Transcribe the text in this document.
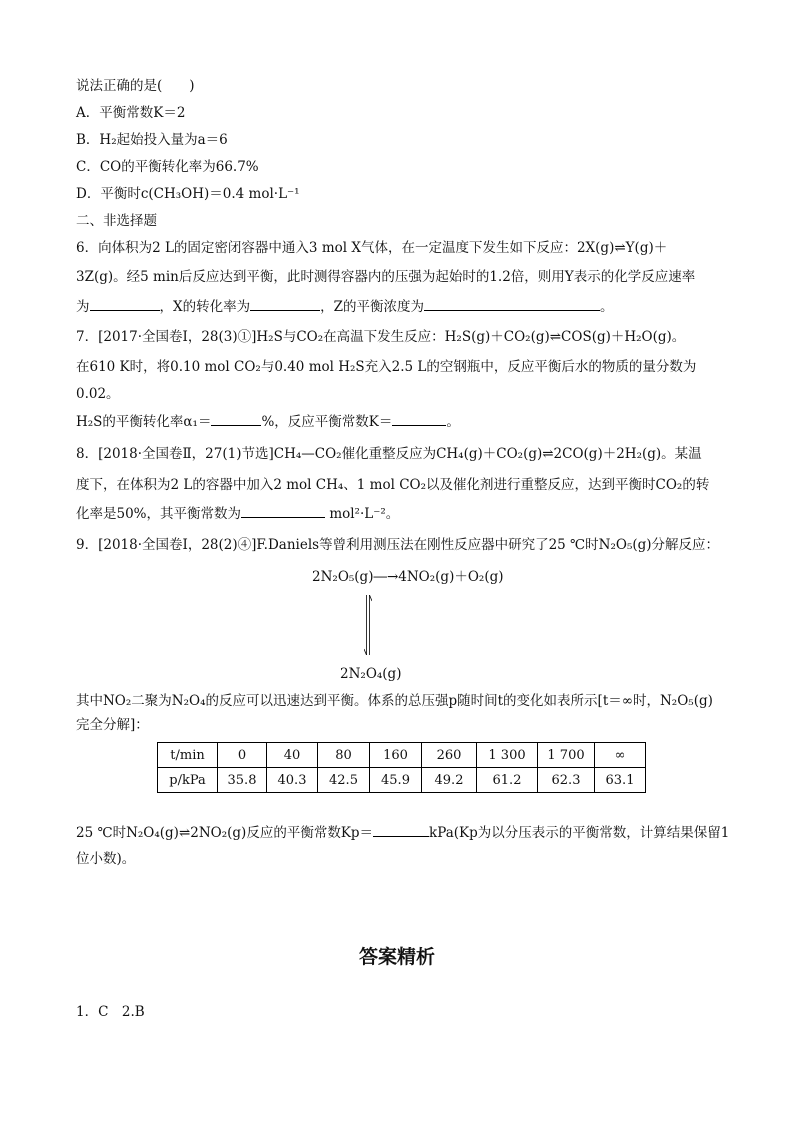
说法正确的是(　　)
A．平衡常数K＝2
B．H₂起始投入量为a＝6
C．CO的平衡转化率为66.7%
D．平衡时c(CH₃OH)＝0.4 mol·L⁻¹
二、非选择题
6．向体积为2 L的固定密闭容器中通入3 mol X气体，在一定温度下发生如下反应：2X(g)⇌Y(g)＋
3Z(g)。经5 min后反应达到平衡，此时测得容器内的压强为起始时的1.2倍，则用Y表示的化学反应速率
为	，X的转化率为	，Z的平衡浓度为	。
7．[2017·全国卷Ⅰ，28(3)①]H₂S与CO₂在高温下发生反应：H₂S(g)＋CO₂(g)⇌COS(g)＋H₂O(g)。
在610 K时，将0.10 mol CO₂与0.40 mol H₂S充入2.5 L的空钢瓶中，反应平衡后水的物质的量分数为
0.02。
H₂S的平衡转化率α₁＝	%，反应平衡常数K＝	。
8．[2018·全国卷Ⅱ，27(1)节选]CH₄—CO₂催化重整反应为CH₄(g)＋CO₂(g)⇌2CO(g)＋2H₂(g)。某温
度下，在体积为2 L的容器中加入2 mol CH₄、1 mol CO₂以及催化剂进行重整反应，达到平衡时CO₂的转
化率是50%，其平衡常数为	mol²·L⁻²。
9．[2018·全国卷Ⅰ，28(2)④]F.Daniels等曾利用测压法在刚性反应器中研究了25 ℃时N₂O₅(g)分解反应：
2N₂O₅(g)―→4NO₂(g)＋O₂(g)
2N₂O₄(g)
其中NO₂二聚为N₂O₄的反应可以迅速达到平衡。体系的总压强p随时间t的变化如表所示[t＝∞时，N₂O₅(g)
完全分解]：
t/min	0	40	80	160	260	1 300	1 700	∞
p/kPa	35.8	40.3	42.5	45.9	49.2	61.2	62.3	63.1
25 ℃时N₂O₄(g)⇌2NO₂(g)反应的平衡常数Kp＝	kPa(Kp为以分压表示的平衡常数，计算结果保留1
位小数)。
答案精析
1．C　2.B
